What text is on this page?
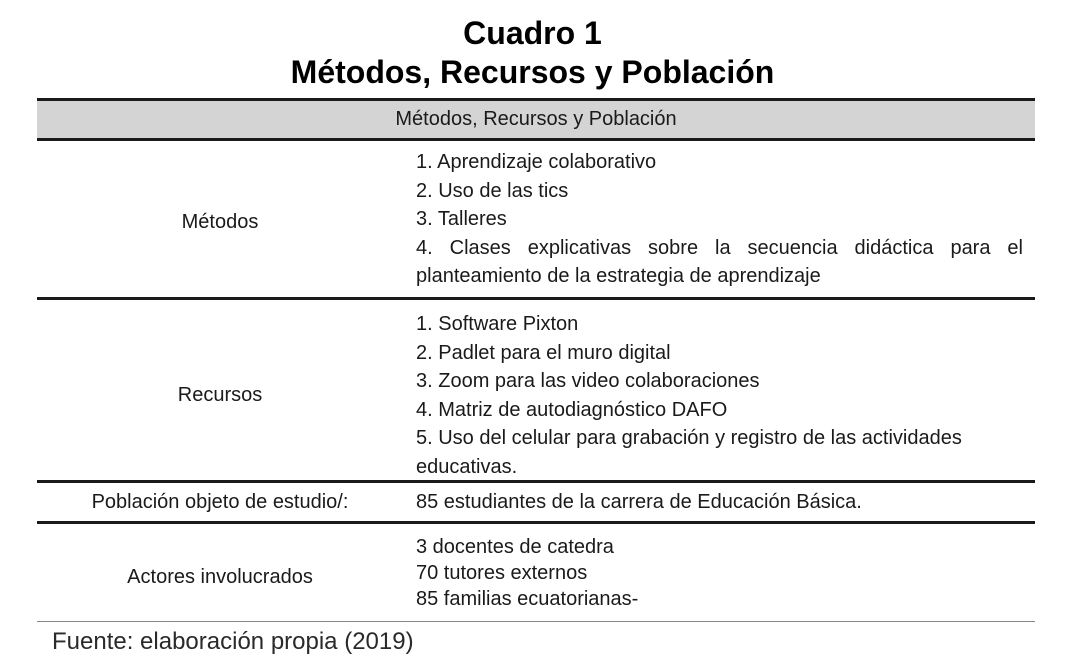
Cuadro 1
Métodos, Recursos y Población
Métodos, Recursos y Población
Métodos
1. Aprendizaje colaborativo
2. Uso de las tics
3. Talleres
4. Clases explicativas sobre la secuencia didáctica para el planteamiento de la estrategia de aprendizaje
Recursos
1. Software Pixton
2. Padlet para el muro digital
3. Zoom para las video colaboraciones
4. Matriz de autodiagnóstico DAFO
5. Uso del celular para grabación y registro de las actividades educativas.
Población objeto de estudio/:	85 estudiantes de la carrera de Educación Básica.
Actores involucrados
3 docentes de catedra
70 tutores externos
85 familias ecuatorianas-
Fuente: elaboración propia (2019)
